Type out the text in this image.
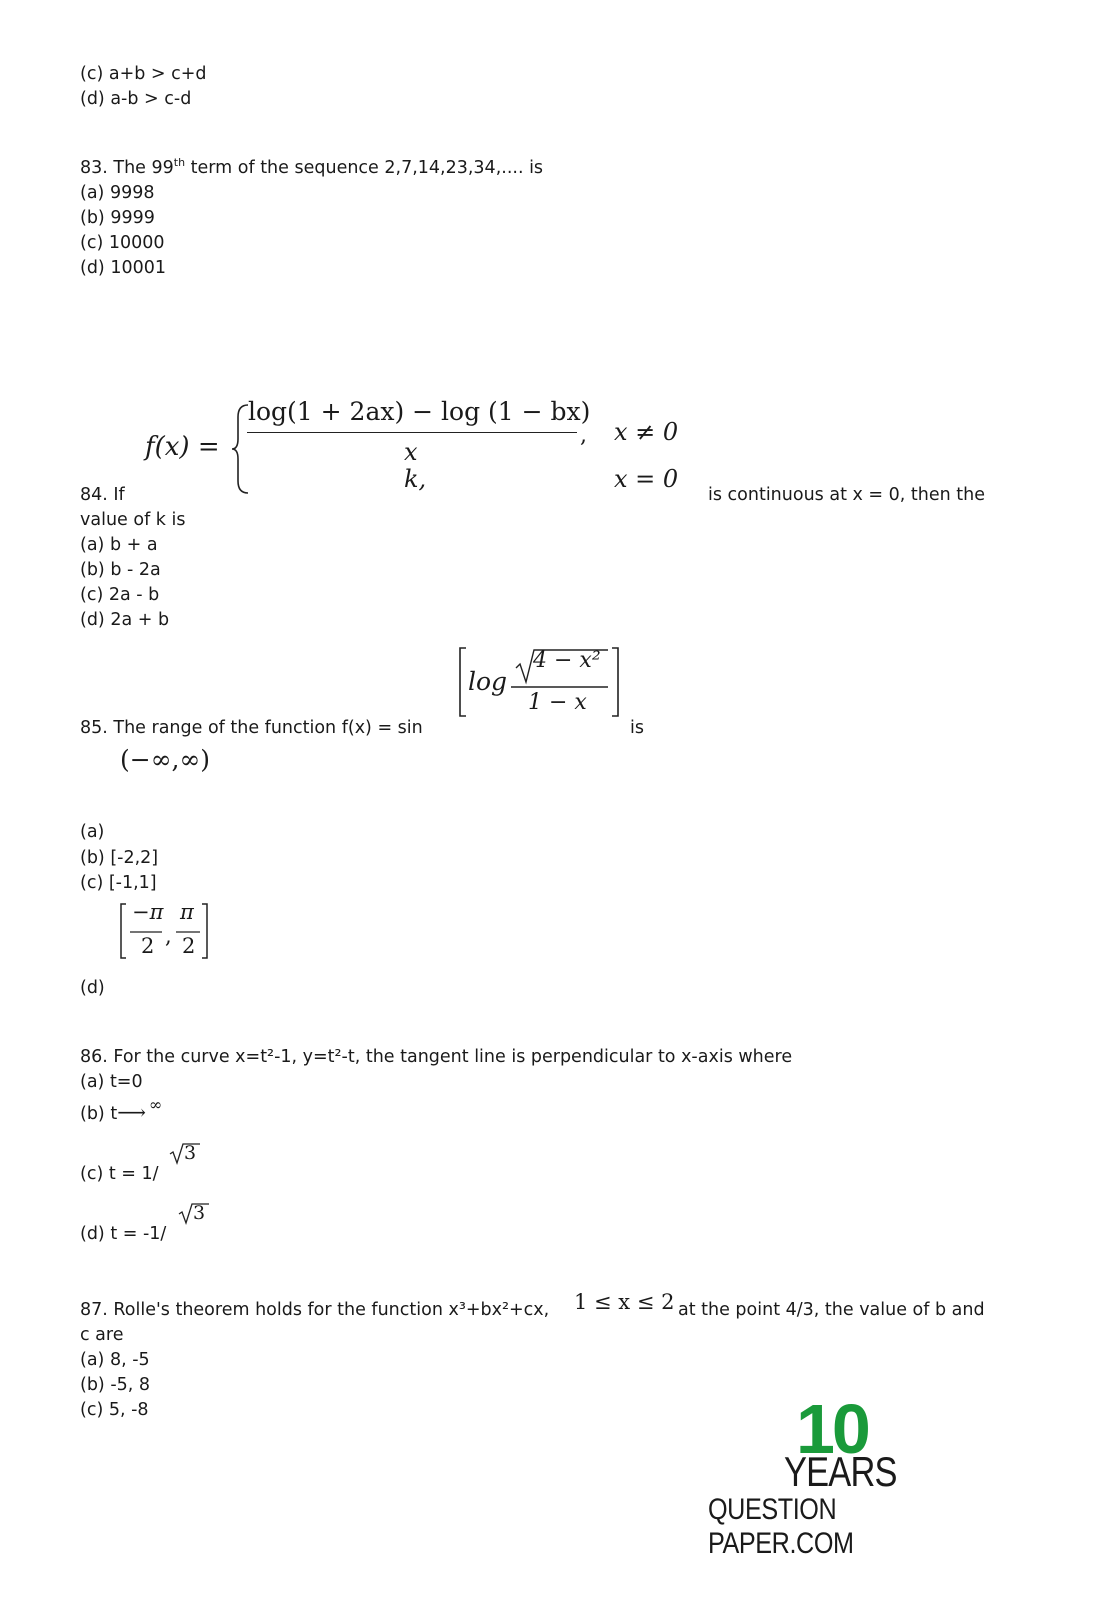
(c) a+b > c+d
(d) a-b > c-d
83. The 99th term of the sequence 2,7,14,23,34,.... is
(a) 9998
(b) 9999
(c) 10000
(d) 10001
f(x) =
log(1 + 2ax) − log (1 − bx)
,
x
k,
x ≠ 0
x = 0
84. If	is continuous at x = 0, then the
value of k is
(a) b + a
(b) b - 2a
(c) 2a - b
(d) 2a + b
log
4 − x²
1 − x
85. The range of the function f(x) = sin	is
(−∞,∞)
(a)
(b) [-2,2]
(c) [-1,1]
−π
2 ,
π
2
(d)
86. For the curve x=t²-1, y=t²-t, the tangent line is perpendicular to x-axis where
(a) t=0
(b) t⟶ ∞
3
(c) t = 1/
3
(d) t = -1/
87. Rolle's theorem holds for the function x³+bx²+cx, 1 ≤ x ≤ 2 at the point 4/3, the value of b and
c are
(a) 8, -5
(b) -5, 8
(c) 5, -8	10
YEARS
QUESTION PAPER.COM
